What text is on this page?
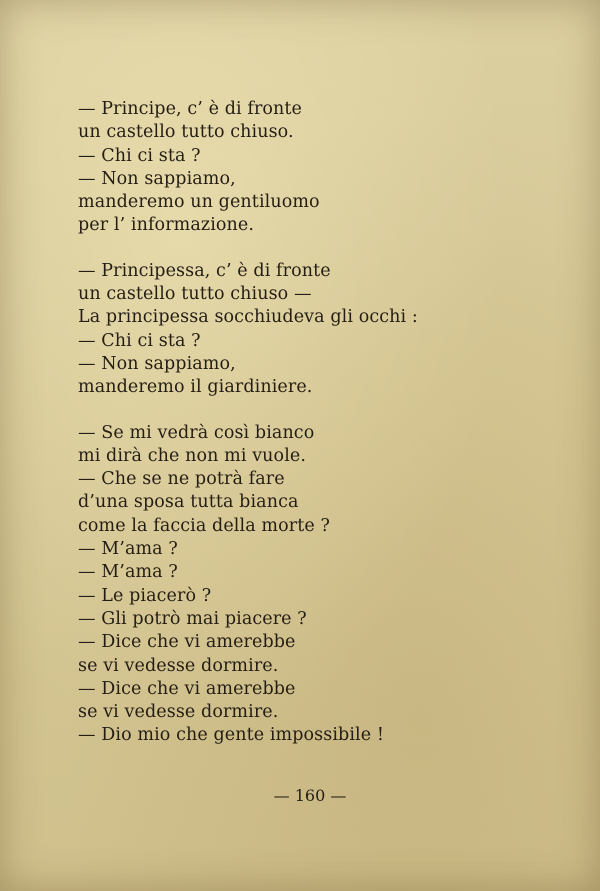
— Principe, c’ è di fronte
un castello tutto chiuso.
— Chi ci sta ?
— Non sappiamo,
manderemo un gentiluomo
per l’ informazione.
— Principessa, c’ è di fronte
un castello tutto chiuso —
La principessa socchiudeva gli occhi :
— Chi ci sta ?
— Non sappiamo,
manderemo il giardiniere.
— Se mi vedrà così bianco
mi dirà che non mi vuole.
— Che se ne potrà fare
d’una sposa tutta bianca
come la faccia della morte ?
— M’ama ?
— M’ama ?
— Le piacerò ?
— Gli potrò mai piacere ?
— Dice che vi amerebbe
se vi vedesse dormire.
— Dice che vi amerebbe
se vi vedesse dormire.
— Dio mio che gente impossibile !
— 160 —
